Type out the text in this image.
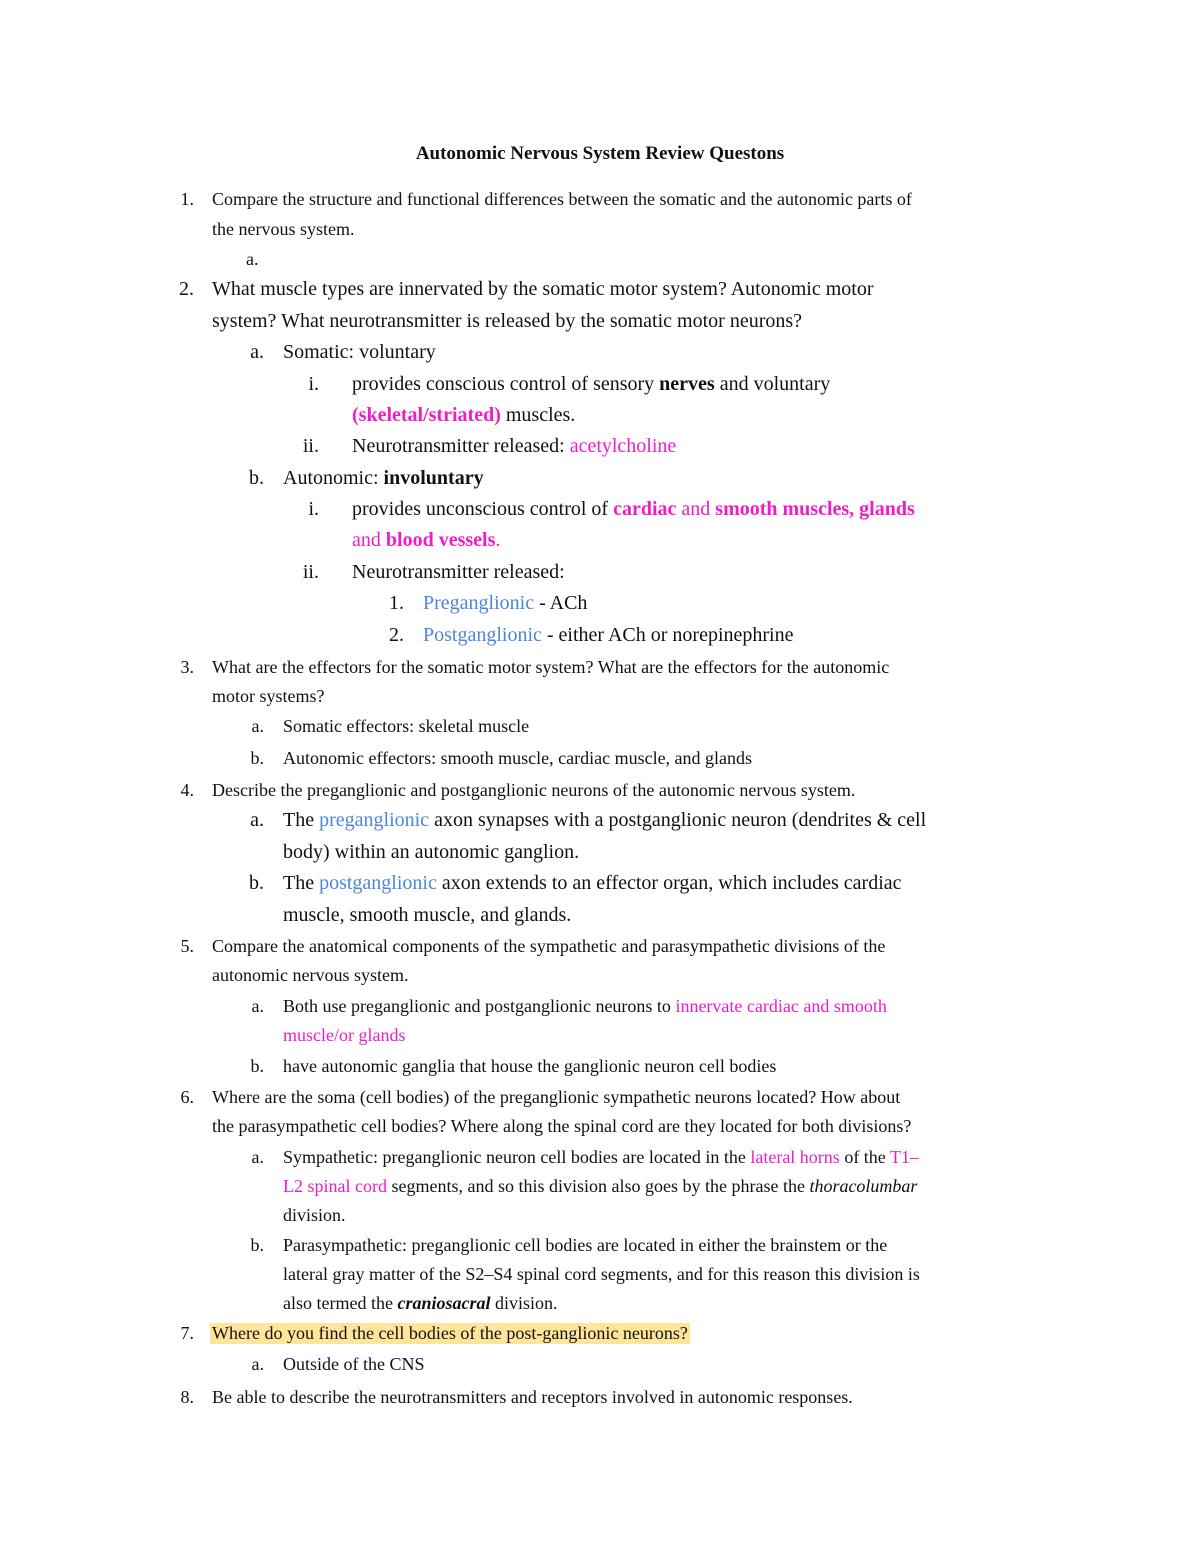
Autonomic Nervous System Review Questons
1. Compare the structure and functional differences between the somatic and the autonomic parts of
the nervous system.
a.
2. What muscle types are innervated by the somatic motor system? Autonomic motor
system? What neurotransmitter is released by the somatic motor neurons?
a. Somatic: voluntary
i. provides conscious control of sensory nerves and voluntary
(skeletal/striated) muscles.
ii. Neurotransmitter released: acetylcholine
b. Autonomic: involuntary
i. provides unconscious control of cardiac and smooth muscles, glands
and blood vessels.
ii. Neurotransmitter released:
1. Preganglionic - ACh
2. Postganglionic - either ACh or norepinephrine
3. What are the effectors for the somatic motor system? What are the effectors for the autonomic
motor systems?
a. Somatic effectors: skeletal muscle
b. Autonomic effectors: smooth muscle, cardiac muscle, and glands
4. Describe the preganglionic and postganglionic neurons of the autonomic nervous system.
a. The preganglionic axon synapses with a postganglionic neuron (dendrites & cell
body) within an autonomic ganglion.
b. The postganglionic axon extends to an effector organ, which includes cardiac
muscle, smooth muscle, and glands.
5. Compare the anatomical components of the sympathetic and parasympathetic divisions of the
autonomic nervous system.
a. Both use preganglionic and postganglionic neurons to innervate cardiac and smooth
muscle/or glands
b. have autonomic ganglia that house the ganglionic neuron cell bodies
6. Where are the soma (cell bodies) of the preganglionic sympathetic neurons located? How about
the parasympathetic cell bodies? Where along the spinal cord are they located for both divisions?
a. Sympathetic: preganglionic neuron cell bodies are located in the lateral horns of the T1–
L2 spinal cord segments, and so this division also goes by the phrase the thoracolumbar
division.
b. Parasympathetic: preganglionic cell bodies are located in either the brainstem or the
lateral gray matter of the S2–S4 spinal cord segments, and for this reason this division is
also termed the craniosacral division.
7. Where do you find the cell bodies of the post-ganglionic neurons?
a. Outside of the CNS
8. Be able to describe the neurotransmitters and receptors involved in autonomic responses.
